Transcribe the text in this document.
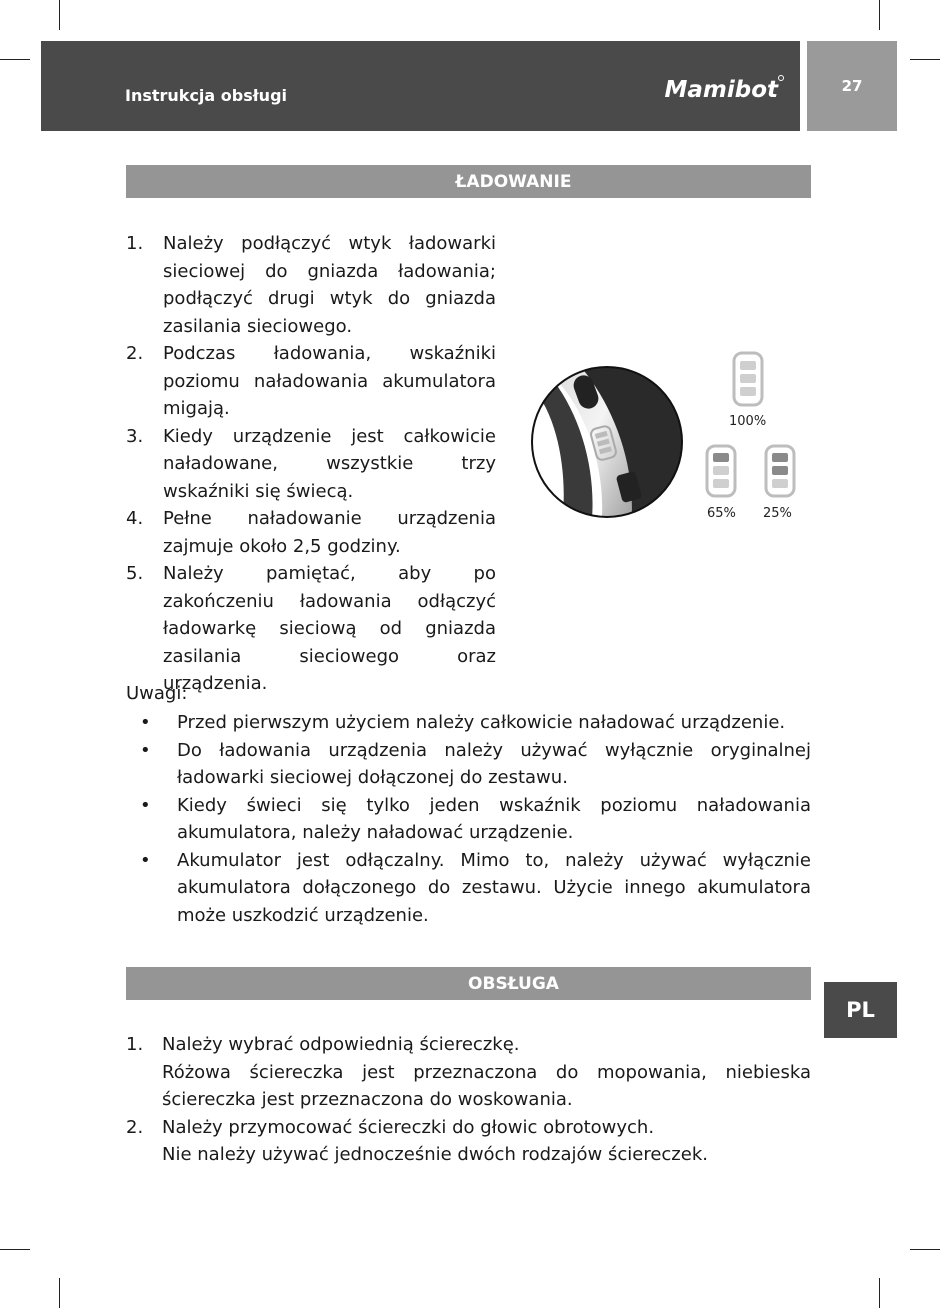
Instrukcja obsługi	Mamibot	27
ŁADOWANIE
1. Należy podłączyć wtyk ładowarki sieciowej do gniazda ładowania; podłączyć drugi wtyk do gniazda zasilania sieciowego.
2. Podczas ładowania, wskaźniki poziomu naładowania akumulatora migają.
3. Kiedy urządzenie jest całkowicie naładowane, wszystkie trzy wskaźniki się świecą.
4. Pełne naładowanie urządzenia zajmuje około 2,5 godziny.
5. Należy pamiętać, aby po zakończeniu ładowania odłączyć ładowarkę sieciową od gniazda zasilania sieciowego oraz urządzenia.
100%
65% 25%
Uwagi:
• Przed pierwszym użyciem należy całkowicie naładować urządzenie.
• Do ładowania urządzenia należy używać wyłącznie oryginalnej ładowarki sieciowej dołączonej do zestawu.
• Kiedy świeci się tylko jeden wskaźnik poziomu naładowania akumulatora, należy naładować urządzenie.
• Akumulator jest odłączalny. Mimo to, należy używać wyłącznie akumulatora dołączonego do zestawu. Użycie innego akumulatora może uszkodzić urządzenie.
OBSŁUGA
1. Należy wybrać odpowiednią ściereczkę.
Różowa ściereczka jest przeznaczona do mopowania, niebieska ściereczka jest przeznaczona do woskowania.
2. Należy przymocować ściereczki do głowic obrotowych.
Nie należy używać jednocześnie dwóch rodzajów ściereczek.
PL
